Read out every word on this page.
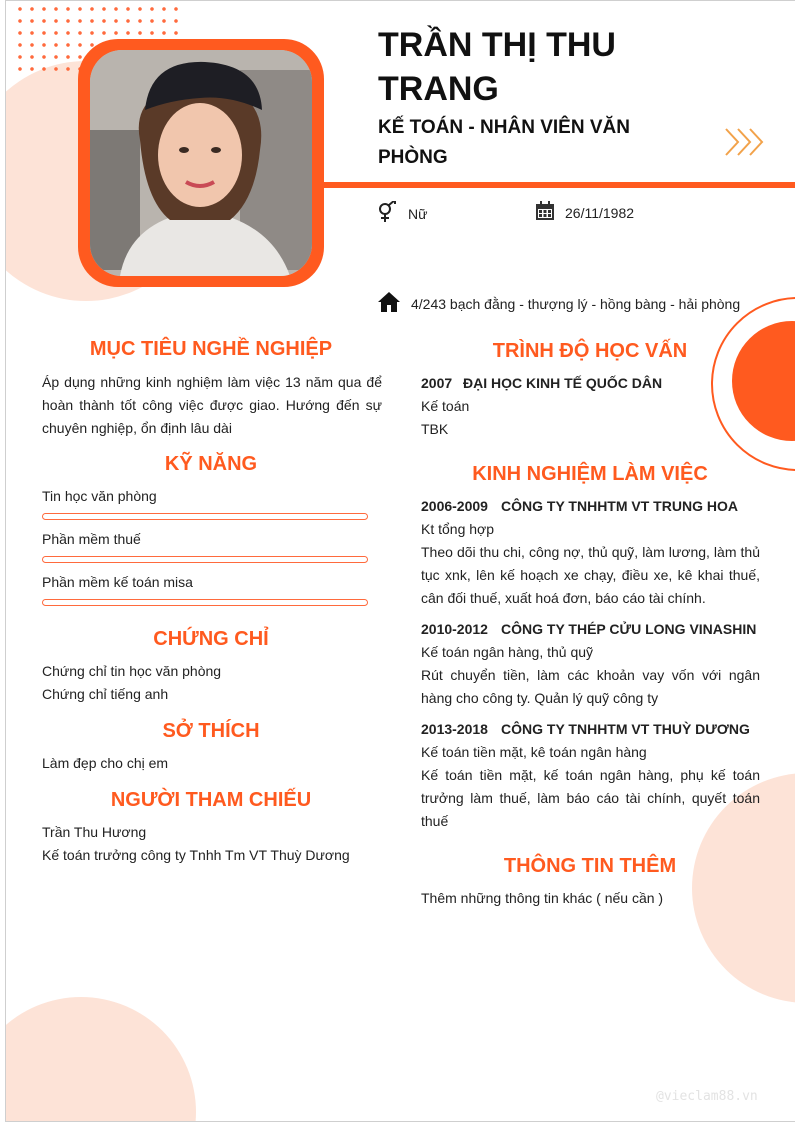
TRẦN THỊ THU TRANG
KẾ TOÁN - NHÂN VIÊN VĂN PHÒNG
Nữ	26/11/1982
4/243 bạch đằng - thượng lý - hồng bàng - hải phòng
MỤC TIÊU NGHỀ NGHIỆP
Áp dụng những kinh nghiệm làm việc 13 năm qua để hoàn thành tốt công việc được giao. Hướng đến sự chuyên nghiệp, ổn định lâu dài
KỸ NĂNG
Tin học văn phòng
Phần mềm thuế
Phần mềm kế toán misa
CHỨNG CHỈ
Chứng chỉ tin học văn phòng
Chứng chỉ tiếng anh
SỞ THÍCH
Làm đẹp cho chị em
NGƯỜI THAM CHIẾU
Trần Thu Hương
Kế toán trưởng công ty Tnhh Tm VT Thuỳ Dương
TRÌNH ĐỘ HỌC VẤN
2007 ĐẠI HỌC KINH TẾ QUỐC DÂN
Kế toán
TBK
KINH NGHIỆM LÀM VIỆC
2006-2009 CÔNG TY TNHHTM VT TRUNG HOA
Kt tổng hợp
Theo dõi thu chi, công nợ, thủ quỹ, làm lương, làm thủ tục xnk, lên kế hoạch xe chạy, điều xe, kê khai thuế, cân đối thuế, xuất hoá đơn, báo cáo tài chính.
2010-2012 CÔNG TY THÉP CỬU LONG VINASHIN
Kế toán ngân hàng, thủ quỹ
Rút chuyển tiền, làm các khoản vay vốn với ngân hàng cho công ty. Quản lý quỹ công ty
2013-2018 CÔNG TY TNHHTM VT THUỲ DƯƠNG
Kế toán tiền mặt, kê toán ngân hàng
Kế toán tiền mặt, kế toán ngân hàng, phụ kế toán trưởng làm thuế, làm báo cáo tài chính, quyết toán thuế
THÔNG TIN THÊM
Thêm những thông tin khác ( nếu cần )
@vieclam88.vn
